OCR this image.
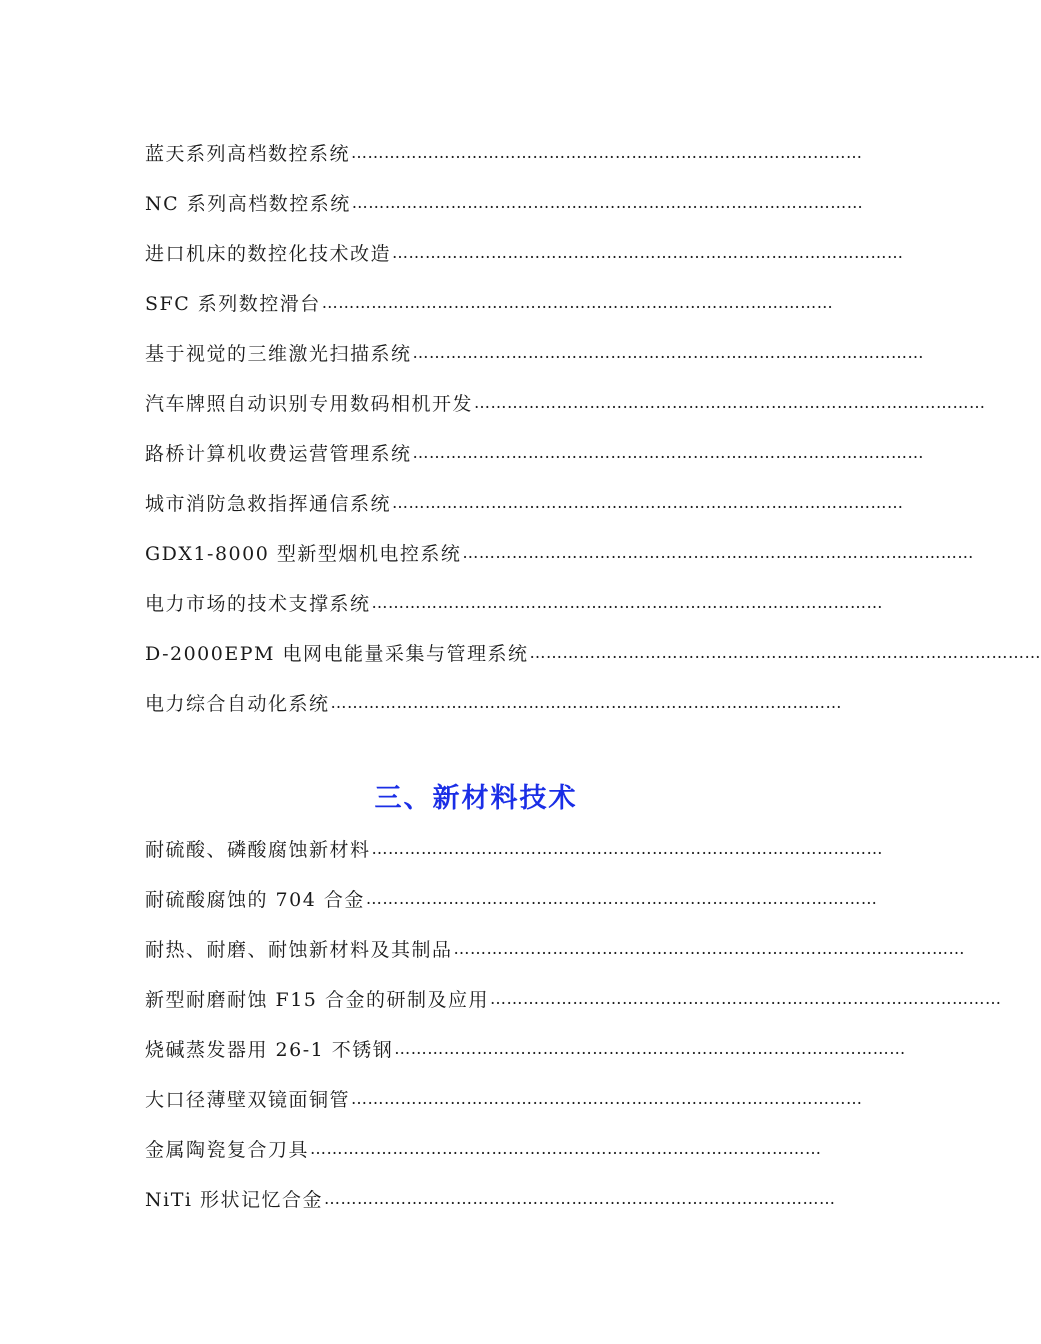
蓝天系列高档数控系统 …………………………………………………………………………………
NC 系列高档数控系统 …………………………………………………………………………………
进口机床的数控化技术改造 …………………………………………………………………………………
SFC 系列数控滑台 …………………………………………………………………………………
基于视觉的三维激光扫描系统 …………………………………………………………………………………
汽车牌照自动识别专用数码相机开发 …………………………………………………………………………………
路桥计算机收费运营管理系统 …………………………………………………………………………………
城市消防急救指挥通信系统 …………………………………………………………………………………
GDX1-8000 型新型烟机电控系统 …………………………………………………………………………………
电力市场的技术支撑系统 …………………………………………………………………………………
D-2000EPM 电网电能量采集与管理系统 …………………………………………………………………………………
电力综合自动化系统 …………………………………………………………………………………
三、新材料技术
耐硫酸、磷酸腐蚀新材料 …………………………………………………………………………………
耐硫酸腐蚀的 704 合金 …………………………………………………………………………………
耐热、耐磨、耐蚀新材料及其制品 …………………………………………………………………………………
新型耐磨耐蚀 F15 合金的研制及应用 …………………………………………………………………………………
烧碱蒸发器用 26-1 不锈钢 …………………………………………………………………………………
大口径薄壁双镜面铜管 …………………………………………………………………………………
金属陶瓷复合刀具 …………………………………………………………………………………
NiTi 形状记忆合金 …………………………………………………………………………………
